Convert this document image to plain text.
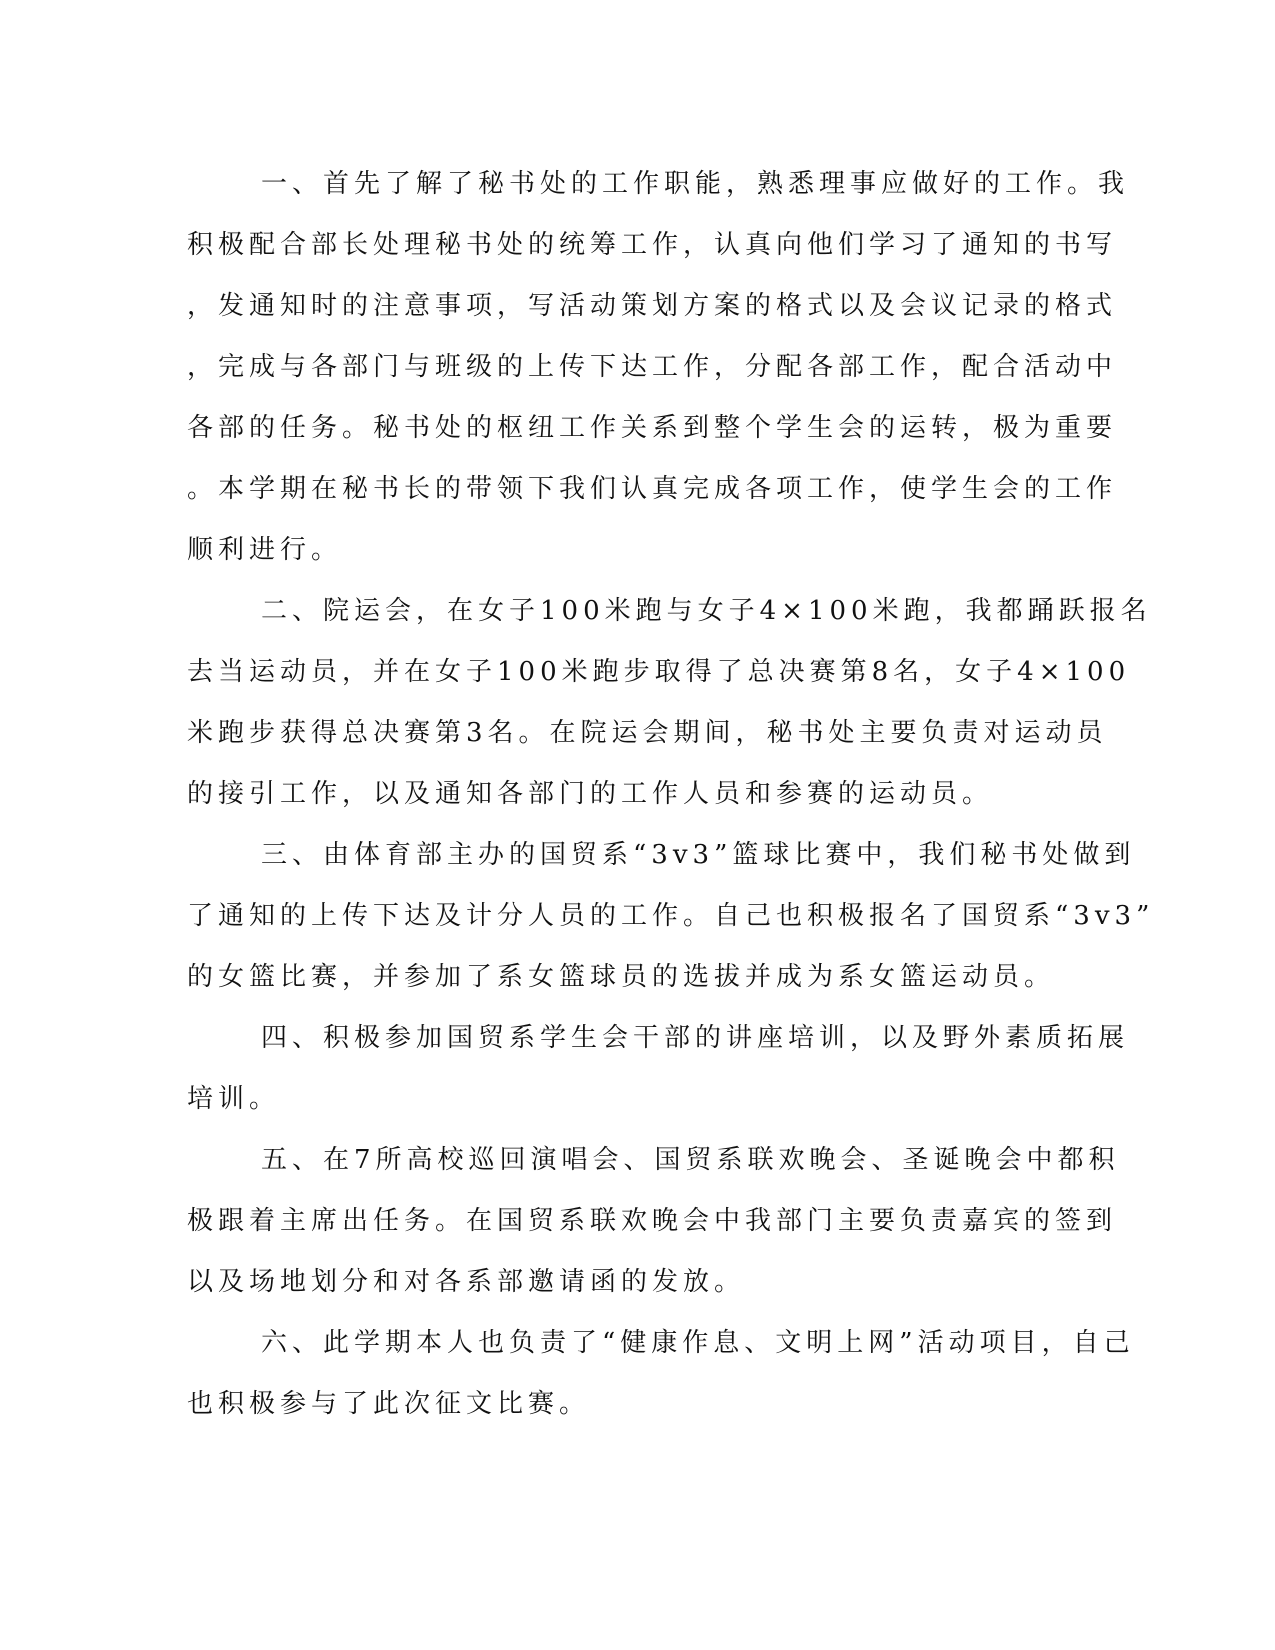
一、首先了解了秘书处的工作职能，熟悉理事应做好的工作。我
积极配合部长处理秘书处的统筹工作，认真向他们学习了通知的书写
，发通知时的注意事项，写活动策划方案的格式以及会议记录的格式
，完成与各部门与班级的上传下达工作，分配各部工作，配合活动中
各部的任务。秘书处的枢纽工作关系到整个学生会的运转，极为重要
。本学期在秘书长的带领下我们认真完成各项工作，使学生会的工作
顺利进行。
二、院运会，在女子100米跑与女子4×100米跑，我都踊跃报名
去当运动员，并在女子100米跑步取得了总决赛第8名，女子4×100
米跑步获得总决赛第3名。在院运会期间，秘书处主要负责对运动员
的接引工作，以及通知各部门的工作人员和参赛的运动员。
三、由体育部主办的国贸系“3v3”篮球比赛中，我们秘书处做到
了通知的上传下达及计分人员的工作。自己也积极报名了国贸系“3v3”
的女篮比赛，并参加了系女篮球员的选拔并成为系女篮运动员。
四、积极参加国贸系学生会干部的讲座培训，以及野外素质拓展
培训。
五、在7所高校巡回演唱会、国贸系联欢晚会、圣诞晚会中都积
极跟着主席出任务。在国贸系联欢晚会中我部门主要负责嘉宾的签到
以及场地划分和对各系部邀请函的发放。
六、此学期本人也负责了“健康作息、文明上网”活动项目，自己
也积极参与了此次征文比赛。
